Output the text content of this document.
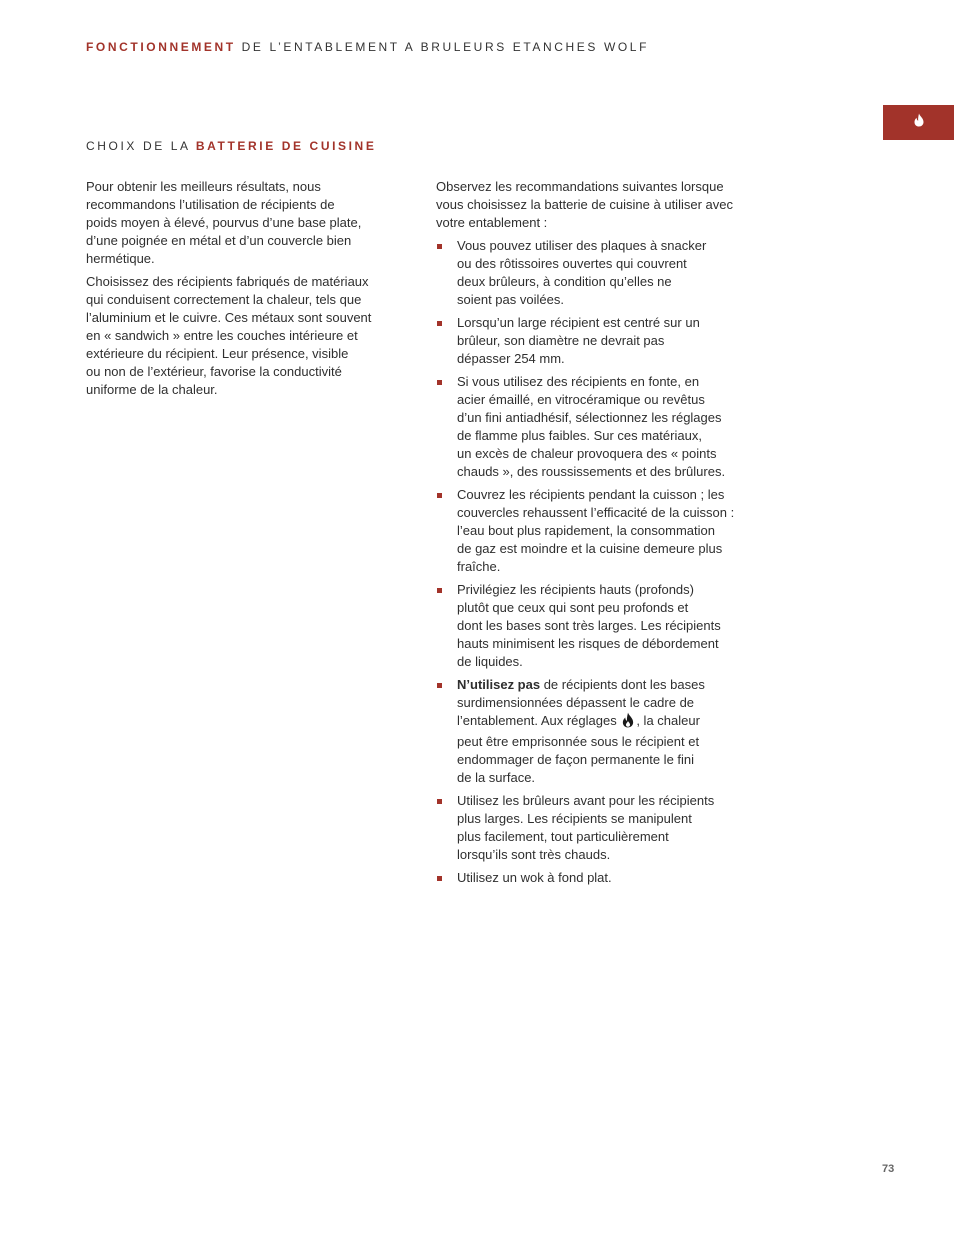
FONCTIONNEMENT DE L’ENTABLEMENT A BRULEURS ETANCHES WOLF
CHOIX DE LA BATTERIE DE CUISINE

Pour obtenir les meilleurs résultats, nous
recommandons l’utilisation de récipients de
poids moyen à élevé, pourvus d’une base plate,
d’une poignée en métal et d’un couvercle bien
hermétique.

Choisissez des récipients fabriqués de matériaux
qui conduisent correctement la chaleur, tels que
l’aluminium et le cuivre. Ces métaux sont souvent
en « sandwich » entre les couches intérieure et
extérieure du récipient. Leur présence, visible
ou non de l’extérieur, favorise la conductivité
uniforme de la chaleur.

Observez les recommandations suivantes lorsque
vous choisissez la batterie de cuisine à utiliser avec
votre entablement :

Vous pouvez utiliser des plaques à snacker
ou des rôtissoires ouvertes qui couvrent
deux brûleurs, à condition qu’elles ne
soient pas voilées.
Lorsqu’un large récipient est centré sur un
brûleur, son diamètre ne devrait pas
dépasser 254 mm.
Si vous utilisez des récipients en fonte, en
acier émaillé, en vitrocéramique ou revêtus
d’un fini antiadhésif, sélectionnez les réglages
de flamme plus faibles. Sur ces matériaux,
un excès de chaleur provoquera des « points
chauds », des roussissements et des brûlures.
Couvrez les récipients pendant la cuisson ; les
couvercles rehaussent l’efficacité de la cuisson :
l’eau bout plus rapidement, la consommation
de gaz est moindre et la cuisine demeure plus
fraîche.
Privilégiez les récipients hauts (profonds)
plutôt que ceux qui sont peu profonds et
dont les bases sont très larges. Les récipients
hauts minimisent les risques de débordement
de liquides.
N’utilisez pas de récipients dont les bases
surdimensionnées dépassent le cadre de
l’entablement. Aux réglages , la chaleur
peut être emprisonnée sous le récipient et
endommager de façon permanente le fini
de la surface.
Utilisez les brûleurs avant pour les récipients
plus larges. Les récipients se manipulent
plus facilement, tout particulièrement
lorsqu’ils sont très chauds.
Utilisez un wok à fond plat.
73
